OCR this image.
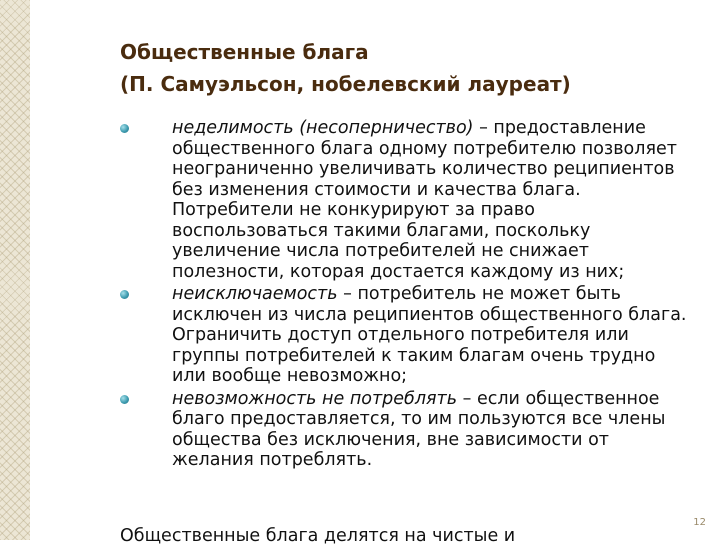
Общественные блага
(П. Самуэльсон, нобелевский лауреат)
неделимость (несоперничество) – предоставление общественного блага одному потребителю позволяет неограниченно увеличивать количество реципиентов без изменения стоимости и качества блага. Потребители не конкурируют за право воспользоваться такими благами, поскольку увеличение числа потребителей не снижает полезности, которая достается каждому из них;
неисключаемость – потребитель не может быть исключен из числа реципиентов общественного блага. Ограничить доступ отдельного потребителя или группы потребителей к таким благам очень трудно или вообще невозможно;
невозможность не потреблять – если общественное благо предоставляется, то им пользуются все члены общества без исключения, вне зависимости от желания потреблять.
Общественные блага делятся на чистые и
12
